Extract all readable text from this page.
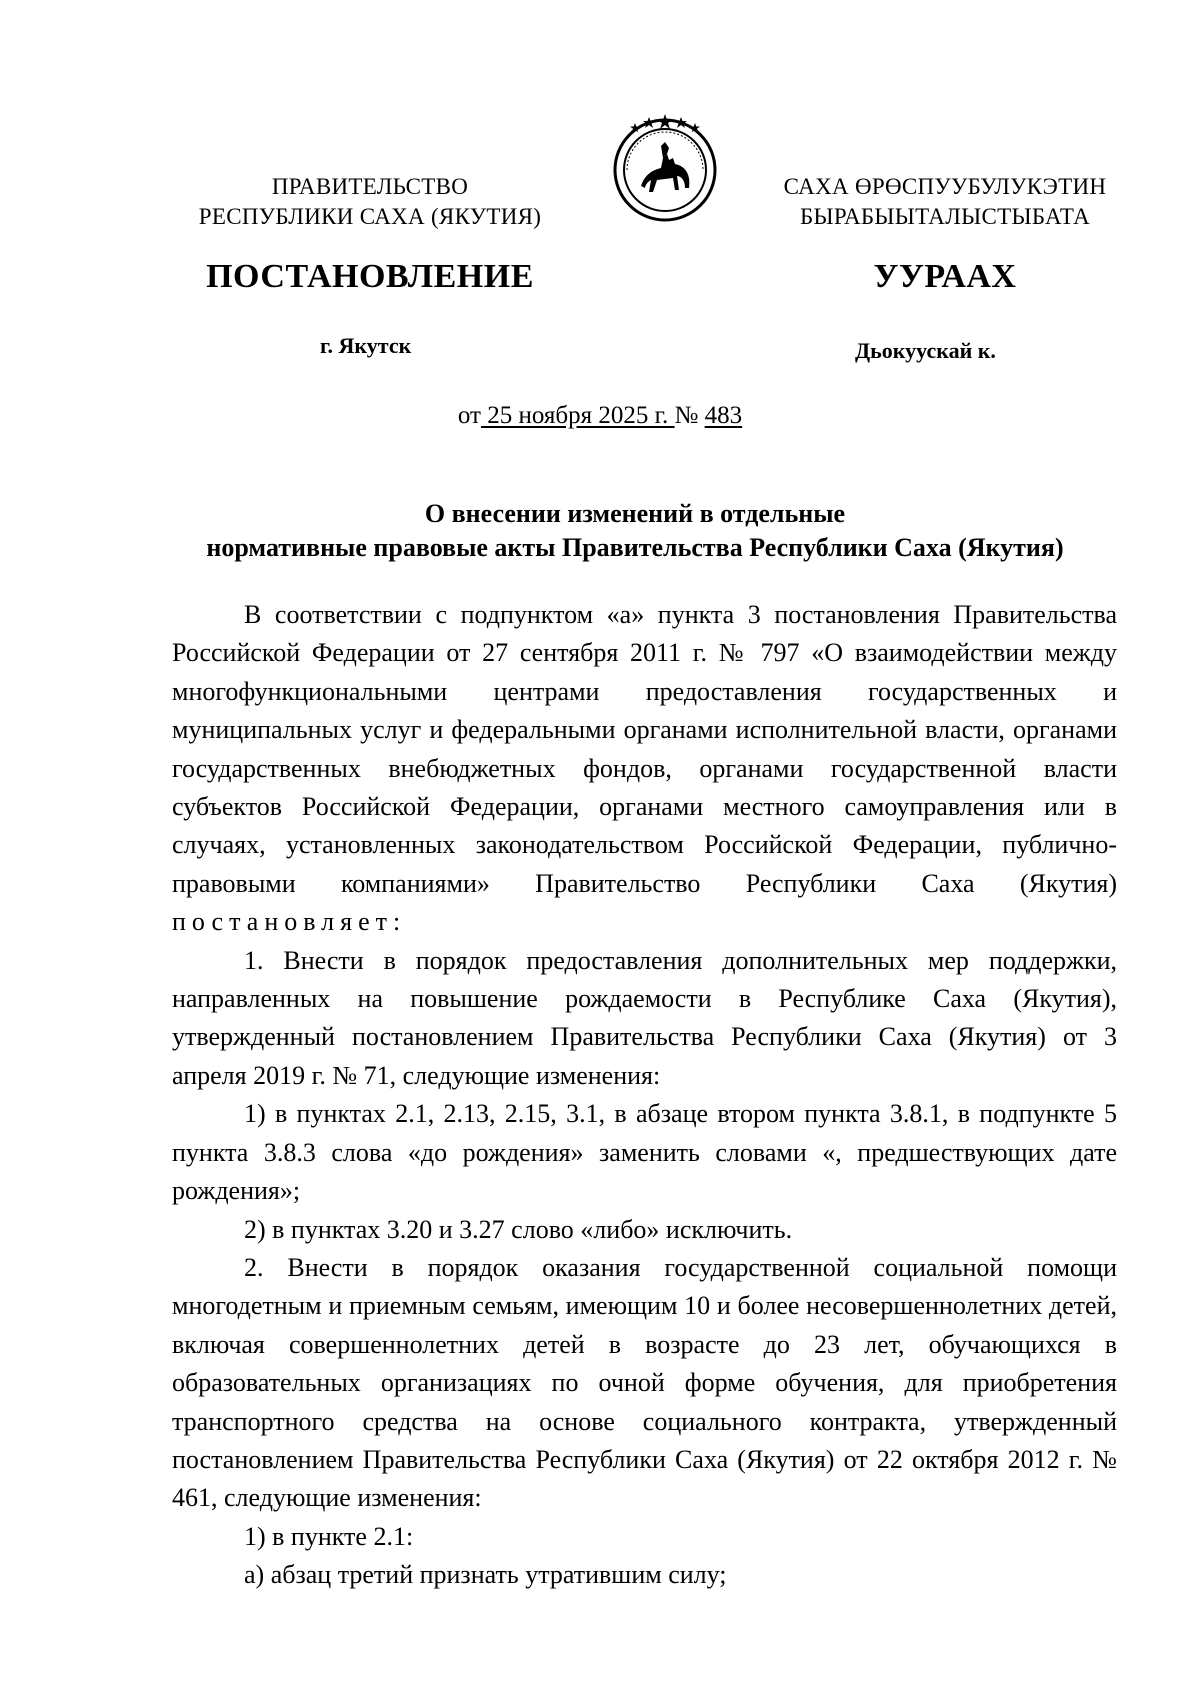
ПРАВИТЕЛЬСТВО
РЕСПУБЛИКИ САХА (ЯКУТИЯ)
САХА ӨРӨСПУУБУЛУКЭТИН
БЫРАБЫЫТАЛЫСТЫБАТА
ПОСТАНОВЛЕНИЕ	УУРААХ
г. Якутск	Дьокуускай к.
от 25 ноября 2025 г. № 483
О внесении изменений в отдельные
нормативные правовые акты Правительства Республики Саха (Якутия)

В соответствии с подпунктом «а» пункта 3 постановления Правительства Российской Федерации от 27 сентября 2011 г. № 797 «О взаимодействии между многофункциональными центрами предоставления государственных и муниципальных услуг и федеральными органами исполнительной власти, органами государственных внебюджетных фондов, органами государственной власти субъектов Российской Федерации, органами местного самоуправления или в случаях, установленных законодательством Российской Федерации, публично-правовыми компаниями» Правительство Республики Саха (Якутия) постановляет:

1. Внести в порядок предоставления дополнительных мер поддержки, направленных на повышение рождаемости в Республике Саха (Якутия), утвержденный постановлением Правительства Республики Саха (Якутия) от 3 апреля 2019 г. № 71, следующие изменения:

1) в пунктах 2.1, 2.13, 2.15, 3.1, в абзаце втором пункта 3.8.1, в подпункте 5 пункта 3.8.3 слова «до рождения» заменить словами «, предшествующих дате рождения»;

2) в пунктах 3.20 и 3.27 слово «либо» исключить.

2. Внести в порядок оказания государственной социальной помощи многодетным и приемным семьям, имеющим 10 и более несовершеннолетних детей, включая совершеннолетних детей в возрасте до 23 лет, обучающихся в образовательных организациях по очной форме обучения, для приобретения транспортного средства на основе социального контракта, утвержденный постановлением Правительства Республики Саха (Якутия) от 22 октября 2012 г. № 461, следующие изменения:

1) в пункте 2.1:

а) абзац третий признать утратившим силу;
